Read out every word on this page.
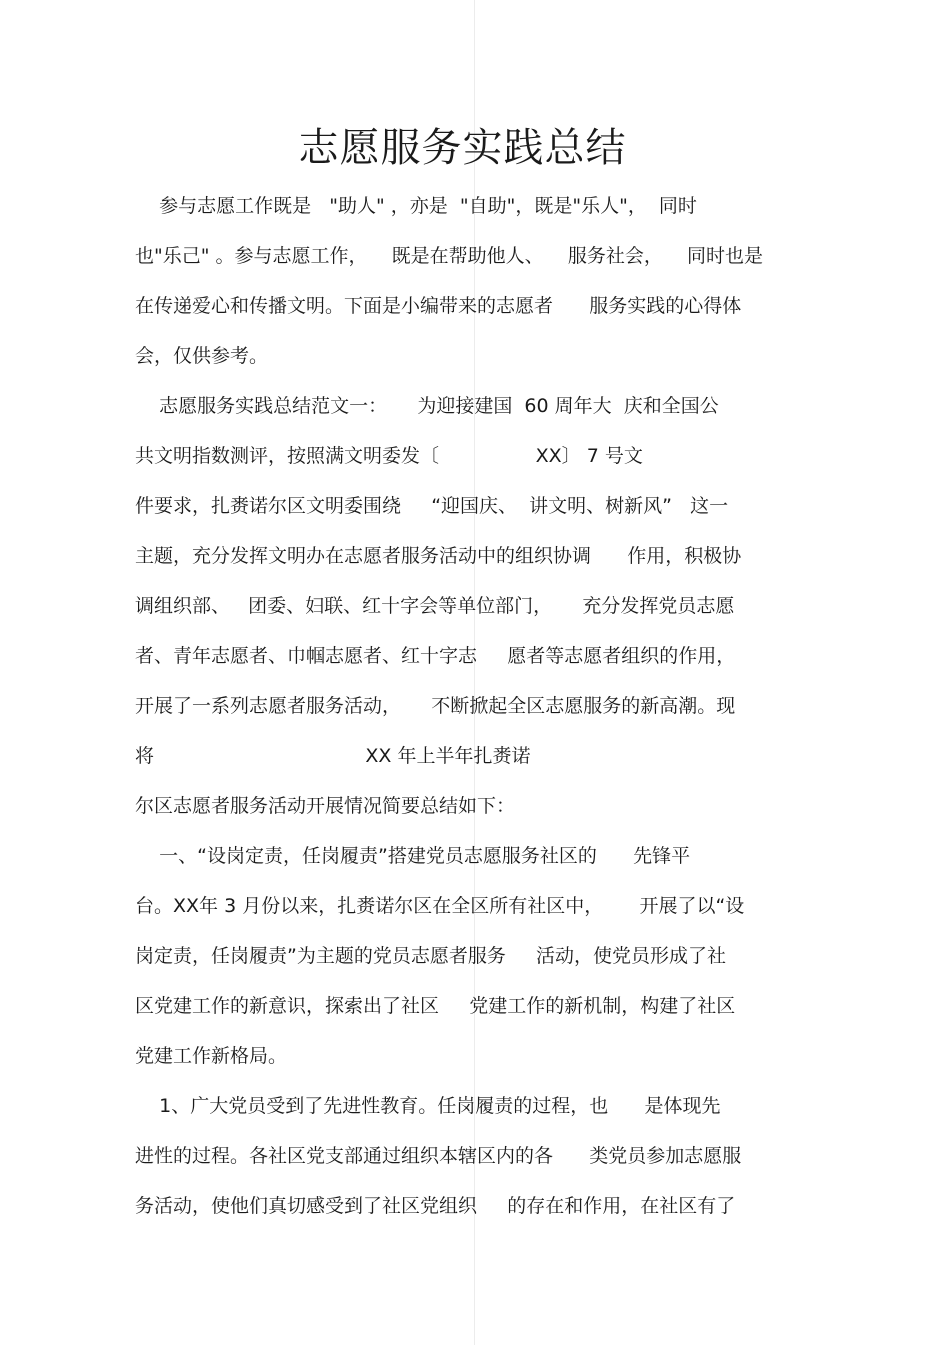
志愿服务实践总结
参与志愿工作既是   "助人" ，亦是  "自助"，既是"乐人"，  同时
也"乐己" 。参与志愿工作，    既是在帮助他人、    服务社会，    同时也是
在传递爱心和传播文明。下面是小编带来的志愿者      服务实践的心得体
会，仅供参考。
志愿服务实践总结范文一：     为迎接建国  60 周年大  庆和全国公
共文明指数测评，按照满文明委发〔                XX〕 7 号文
件要求，扎赉诺尔区文明委围绕     “迎国庆、  讲文明、树新风”   这一
主题，充分发挥文明办在志愿者服务活动中的组织协调      作用，积极协
调组织部、   团委、妇联、红十字会等单位部门，     充分发挥党员志愿
者、青年志愿者、巾帼志愿者、红十字志     愿者等志愿者组织的作用，
开展了一系列志愿者服务活动，     不断掀起全区志愿服务的新高潮。现
将                                   XX 年上半年扎赉诺
尔区志愿者服务活动开展情况简要总结如下：
一、“设岗定责，任岗履责”搭建党员志愿服务社区的      先锋平
台。XX年 3 月份以来，扎赉诺尔区在全区所有社区中，      开展了以“设
岗定责，任岗履责”为主题的党员志愿者服务     活动，使党员形成了社
区党建工作的新意识，探索出了社区     党建工作的新机制，构建了社区
党建工作新格局。
1、广大党员受到了先进性教育。任岗履责的过程，也      是体现先
进性的过程。各社区党支部通过组织本辖区内的各      类党员参加志愿服
务活动，使他们真切感受到了社区党组织     的存在和作用，在社区有了
